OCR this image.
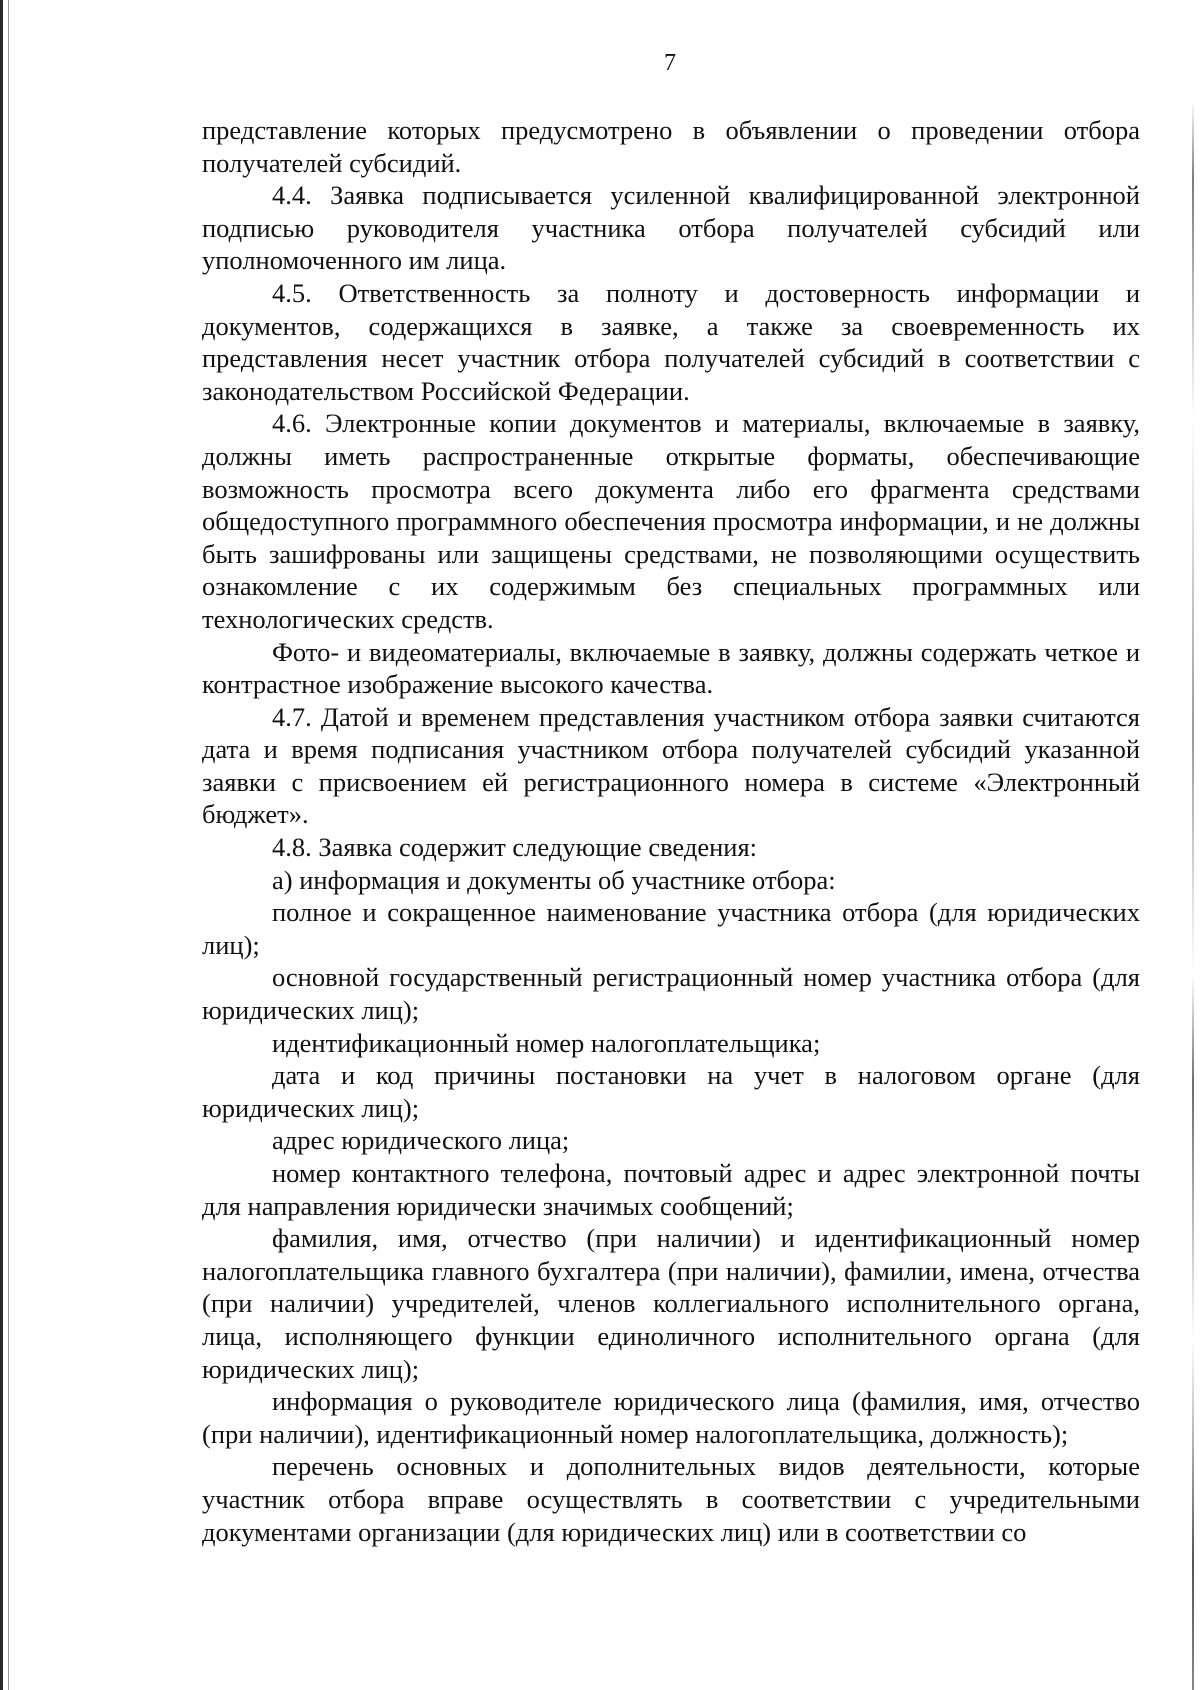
7

представление которых предусмотрено в объявлении о проведении отбора получателей субсидий.

4.4. Заявка подписывается усиленной квалифицированной электронной подписью руководителя участника отбора получателей субсидий или уполномоченного им лица.

4.5. Ответственность за полноту и достоверность информации и документов, содержащихся в заявке, а также за своевременность их представления несет участник отбора получателей субсидий в соответствии с законодательством Российской Федерации.

4.6. Электронные копии документов и материалы, включаемые в заявку, должны иметь распространенные открытые форматы, обеспечивающие возможность просмотра всего документа либо его фрагмента средствами общедоступного программного обеспечения просмотра информации, и не должны быть зашифрованы или защищены средствами, не позволяющими осуществить ознакомление с их содержимым без специальных программных или технологических средств.

Фото- и видеоматериалы, включаемые в заявку, должны содержать четкое и контрастное изображение высокого качества.

4.7. Датой и временем представления участником отбора заявки считаются дата и время подписания участником отбора получателей субсидий указанной заявки с присвоением ей регистрационного номера в системе «Электронный бюджет».

4.8. Заявка содержит следующие сведения:

а) информация и документы об участнике отбора:

полное и сокращенное наименование участника отбора (для юридических лиц);

основной государственный регистрационный номер участника отбора (для юридических лиц);

идентификационный номер налогоплательщика;

дата и код причины постановки на учет в налоговом органе (для юридических лиц);

адрес юридического лица;

номер контактного телефона, почтовый адрес и адрес электронной почты для направления юридически значимых сообщений;

фамилия, имя, отчество (при наличии) и идентификационный номер налогоплательщика главного бухгалтера (при наличии), фамилии, имена, отчества (при наличии) учредителей, членов коллегиального исполнительного органа, лица, исполняющего функции единоличного исполнительного органа (для юридических лиц);

информация о руководителе юридического лица (фамилия, имя, отчество (при наличии), идентификационный номер налогоплательщика, должность);

перечень основных и дополнительных видов деятельности, которые участник отбора вправе осуществлять в соответствии с учредительными документами организации (для юридических лиц) или в соответствии со
